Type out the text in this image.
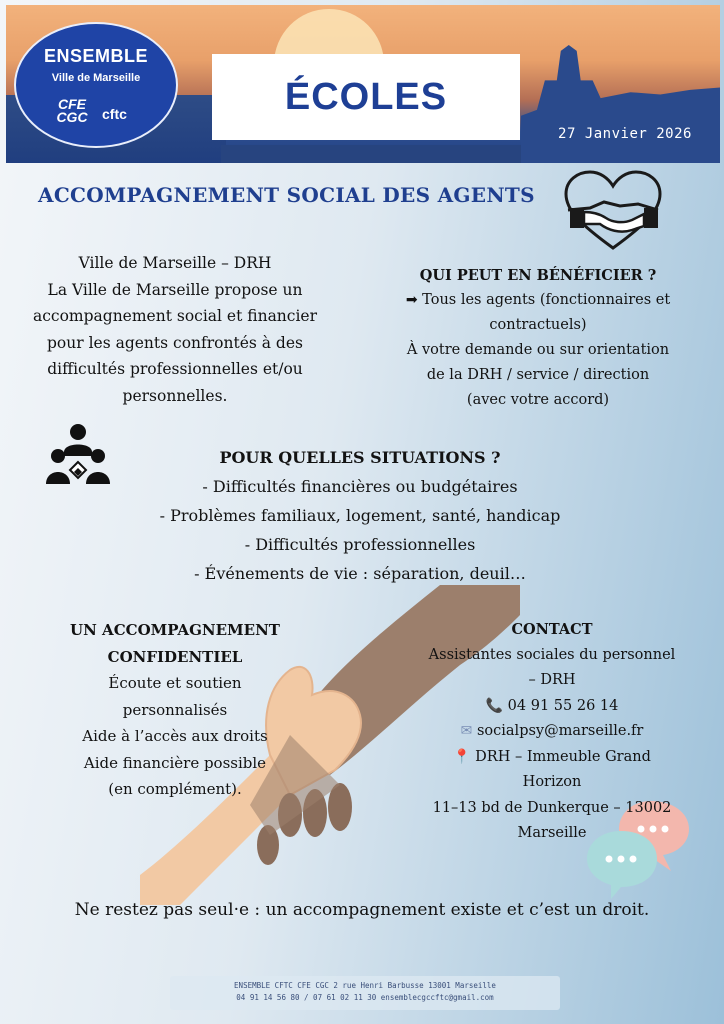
ENSEMBLE
Ville de Marseille
CFE CGC	cftc	ÉCOLES
27 Janvier 2026
ACCOMPAGNEMENT SOCIAL DES AGENTS
Ville de Marseille – DRH
La Ville de Marseille propose un
accompagnement social et financier
pour les agents confrontés à des
difficultés professionnelles et/ou
personnelles.
QUI PEUT EN BÉNÉFICIER ?
➡ Tous les agents (fonctionnaires et
contractuels)
À votre demande ou sur orientation
de la DRH / service / direction
(avec votre accord)
POUR QUELLES SITUATIONS ?
- Difficultés financières ou budgétaires
- Problèmes familiaux, logement, santé, handicap
- Difficultés professionnelles
- Événements de vie : séparation, deuil…
UN ACCOMPAGNEMENT
CONFIDENTIEL
Écoute et soutien
personnalisés
Aide à l’accès aux droits
Aide financière possible
(en complément).
CONTACT
Assistantes sociales du personnel
– DRH
📞 04 91 55 26 14
✉ socialpsy@marseille.fr
📍 DRH – Immeuble Grand
Horizon
11–13 bd de Dunkerque – 13002
Marseille
Ne restez pas seul·e : un accompagnement existe et c’est un droit.
ENSEMBLE CFTC CFE CGC 2 rue Henri Barbusse 13001 Marseille
04 91 14 56 80 / 07 61 02 11 30 ensemblecgccftc@gmail.com
